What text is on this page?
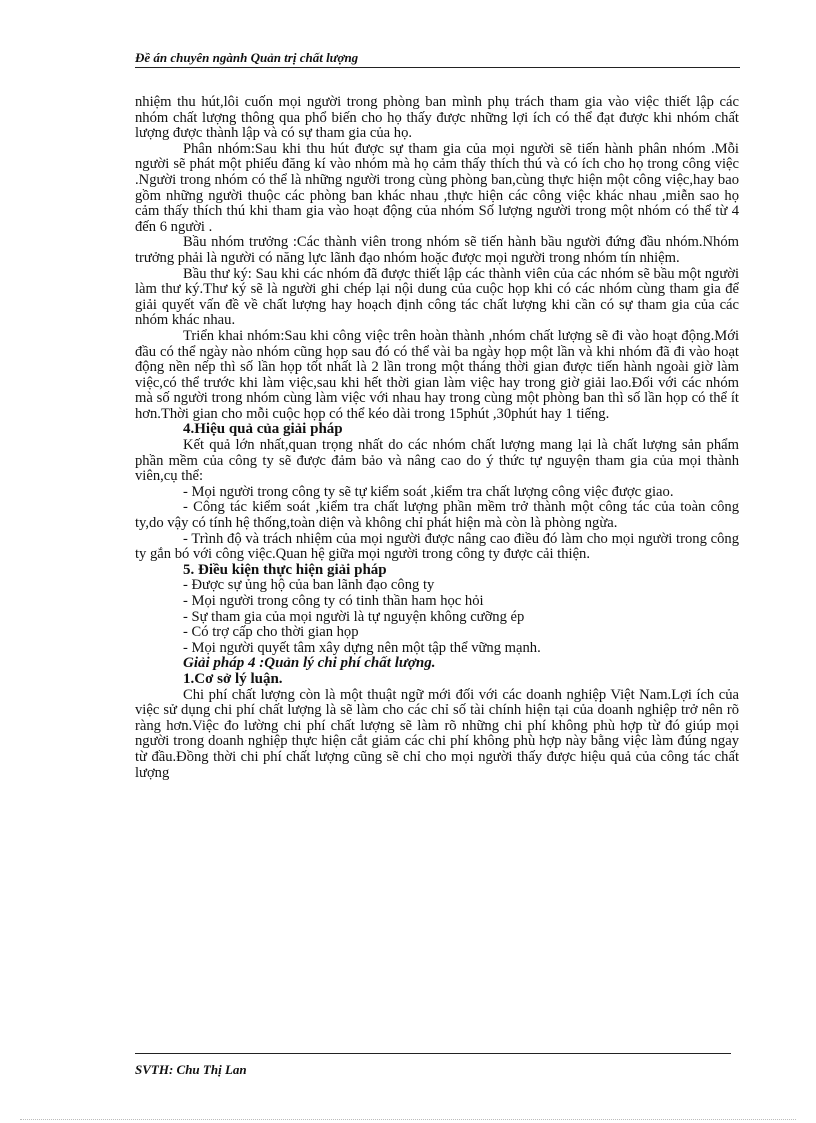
Đề án chuyên ngành Quản trị chất lượng

nhiệm thu hút,lôi cuốn mọi người trong phòng ban mình phụ trách tham gia vào việc thiết lập các nhóm chất lượng thông qua phổ biến cho họ thấy được những lợi ích có thể đạt được khi nhóm chất lượng được thành lập và có sự tham gia của họ.

Phân nhóm:Sau khi thu hút được sự tham gia của mọi người sẽ tiến hành phân nhóm .Mỗi người sẽ phát một phiếu đăng kí vào nhóm mà họ cảm thấy thích thú và có ích cho họ trong công việc .Người trong nhóm có thể là những người trong cùng phòng ban,cùng thực hiện một công việc,hay bao gồm những người thuộc các phòng ban khác nhau ,thực hiện các công việc khác nhau ,miễn sao họ cảm thấy thích thú khi tham gia vào hoạt động của nhóm Số lượng người trong một nhóm có thể từ 4 đến 6 người .

Bầu nhóm trưởng :Các thành viên trong nhóm sẽ tiến hành bầu người đứng đầu nhóm.Nhóm trưởng phải là người có năng lực lãnh đạo nhóm hoặc được mọi người trong nhóm tín nhiệm.

Bầu thư ký: Sau khi các nhóm đã được thiết lập các thành viên của các nhóm sẽ bầu một người làm thư ký.Thư ký sẽ là người ghi chép lại nội dung của cuộc họp khi có các nhóm cùng tham gia để giải quyết vấn đề về chất lượng hay hoạch định công tác chất lượng khi cần có sự tham gia của các nhóm khác nhau.

Triển khai nhóm:Sau khi công việc trên hoàn thành ,nhóm chất lượng sẽ đi vào hoạt động.Mới đầu có thể ngày nào nhóm cũng họp sau đó có thể vài ba ngày họp một lần và khi nhóm đã đi vào hoạt động nền nếp thì số lần họp tốt nhất là 2 lần trong một tháng thời gian được tiến hành ngoài giờ làm việc,có thể trước khi làm việc,sau khi hết thời gian làm việc hay trong giờ giải lao.Đối với các nhóm mà số người trong nhóm cùng làm việc với nhau hay trong cùng một phòng ban thì số lần họp có thể ít hơn.Thời gian cho mỗi cuộc họp có thể kéo dài trong 15phút ,30phút hay 1 tiếng.

4.Hiệu quả của giải pháp

Kết quả lớn nhất,quan trọng nhất do các nhóm chất lượng mang lại là chất lượng sản phẩm phần mềm của công ty sẽ được đảm bảo và nâng cao do ý thức tự nguyện tham gia của mọi thành viên,cụ thể:

- Mọi người trong công ty sẽ tự kiểm soát ,kiểm tra chất lượng công việc được giao.

- Công tác kiểm soát ,kiểm tra chất lượng phần mềm trở thành một công tác của toàn công ty,do vậy có tính hệ thống,toàn diện và không chỉ phát hiện mà còn là phòng ngừa.

- Trình độ và trách nhiệm của mọi người được nâng cao điều đó làm cho mọi người trong công ty gắn bó với công việc.Quan hệ giữa mọi người trong công ty được cải thiện.

5. Điều kiện thực hiện giải pháp

- Được sự ủng hộ của ban lãnh đạo công ty

- Mọi người trong công ty có tinh thần ham học hỏi

- Sự tham gia của mọi người là tự nguyện không cưỡng ép

- Có trợ cấp cho thời gian họp

- Mọi người quyết tâm xây dựng nên một tập thể vững mạnh.

Giải pháp 4 :Quản lý chi phí chất lượng.

1.Cơ sở lý luận.

Chi phí chất lượng còn là một thuật ngữ mới đối với các doanh nghiệp Việt Nam.Lợi ích của việc sử dụng chi phí chất lượng là sẽ làm cho các chỉ số tài chính hiện tại của doanh nghiệp trở nên rõ ràng hơn.Việc đo lường chi phí chất lượng sẽ làm rõ những chi phí không phù hợp từ đó giúp mọi người trong doanh nghiệp thực hiện cắt giảm các chi phí không phù hợp này bằng việc làm đúng ngay từ đầu.Đồng thời chi phí chất lượng cũng sẽ chỉ cho mọi người thấy được hiệu quả của công tác chất lượng

SVTH: Chu Thị Lan
